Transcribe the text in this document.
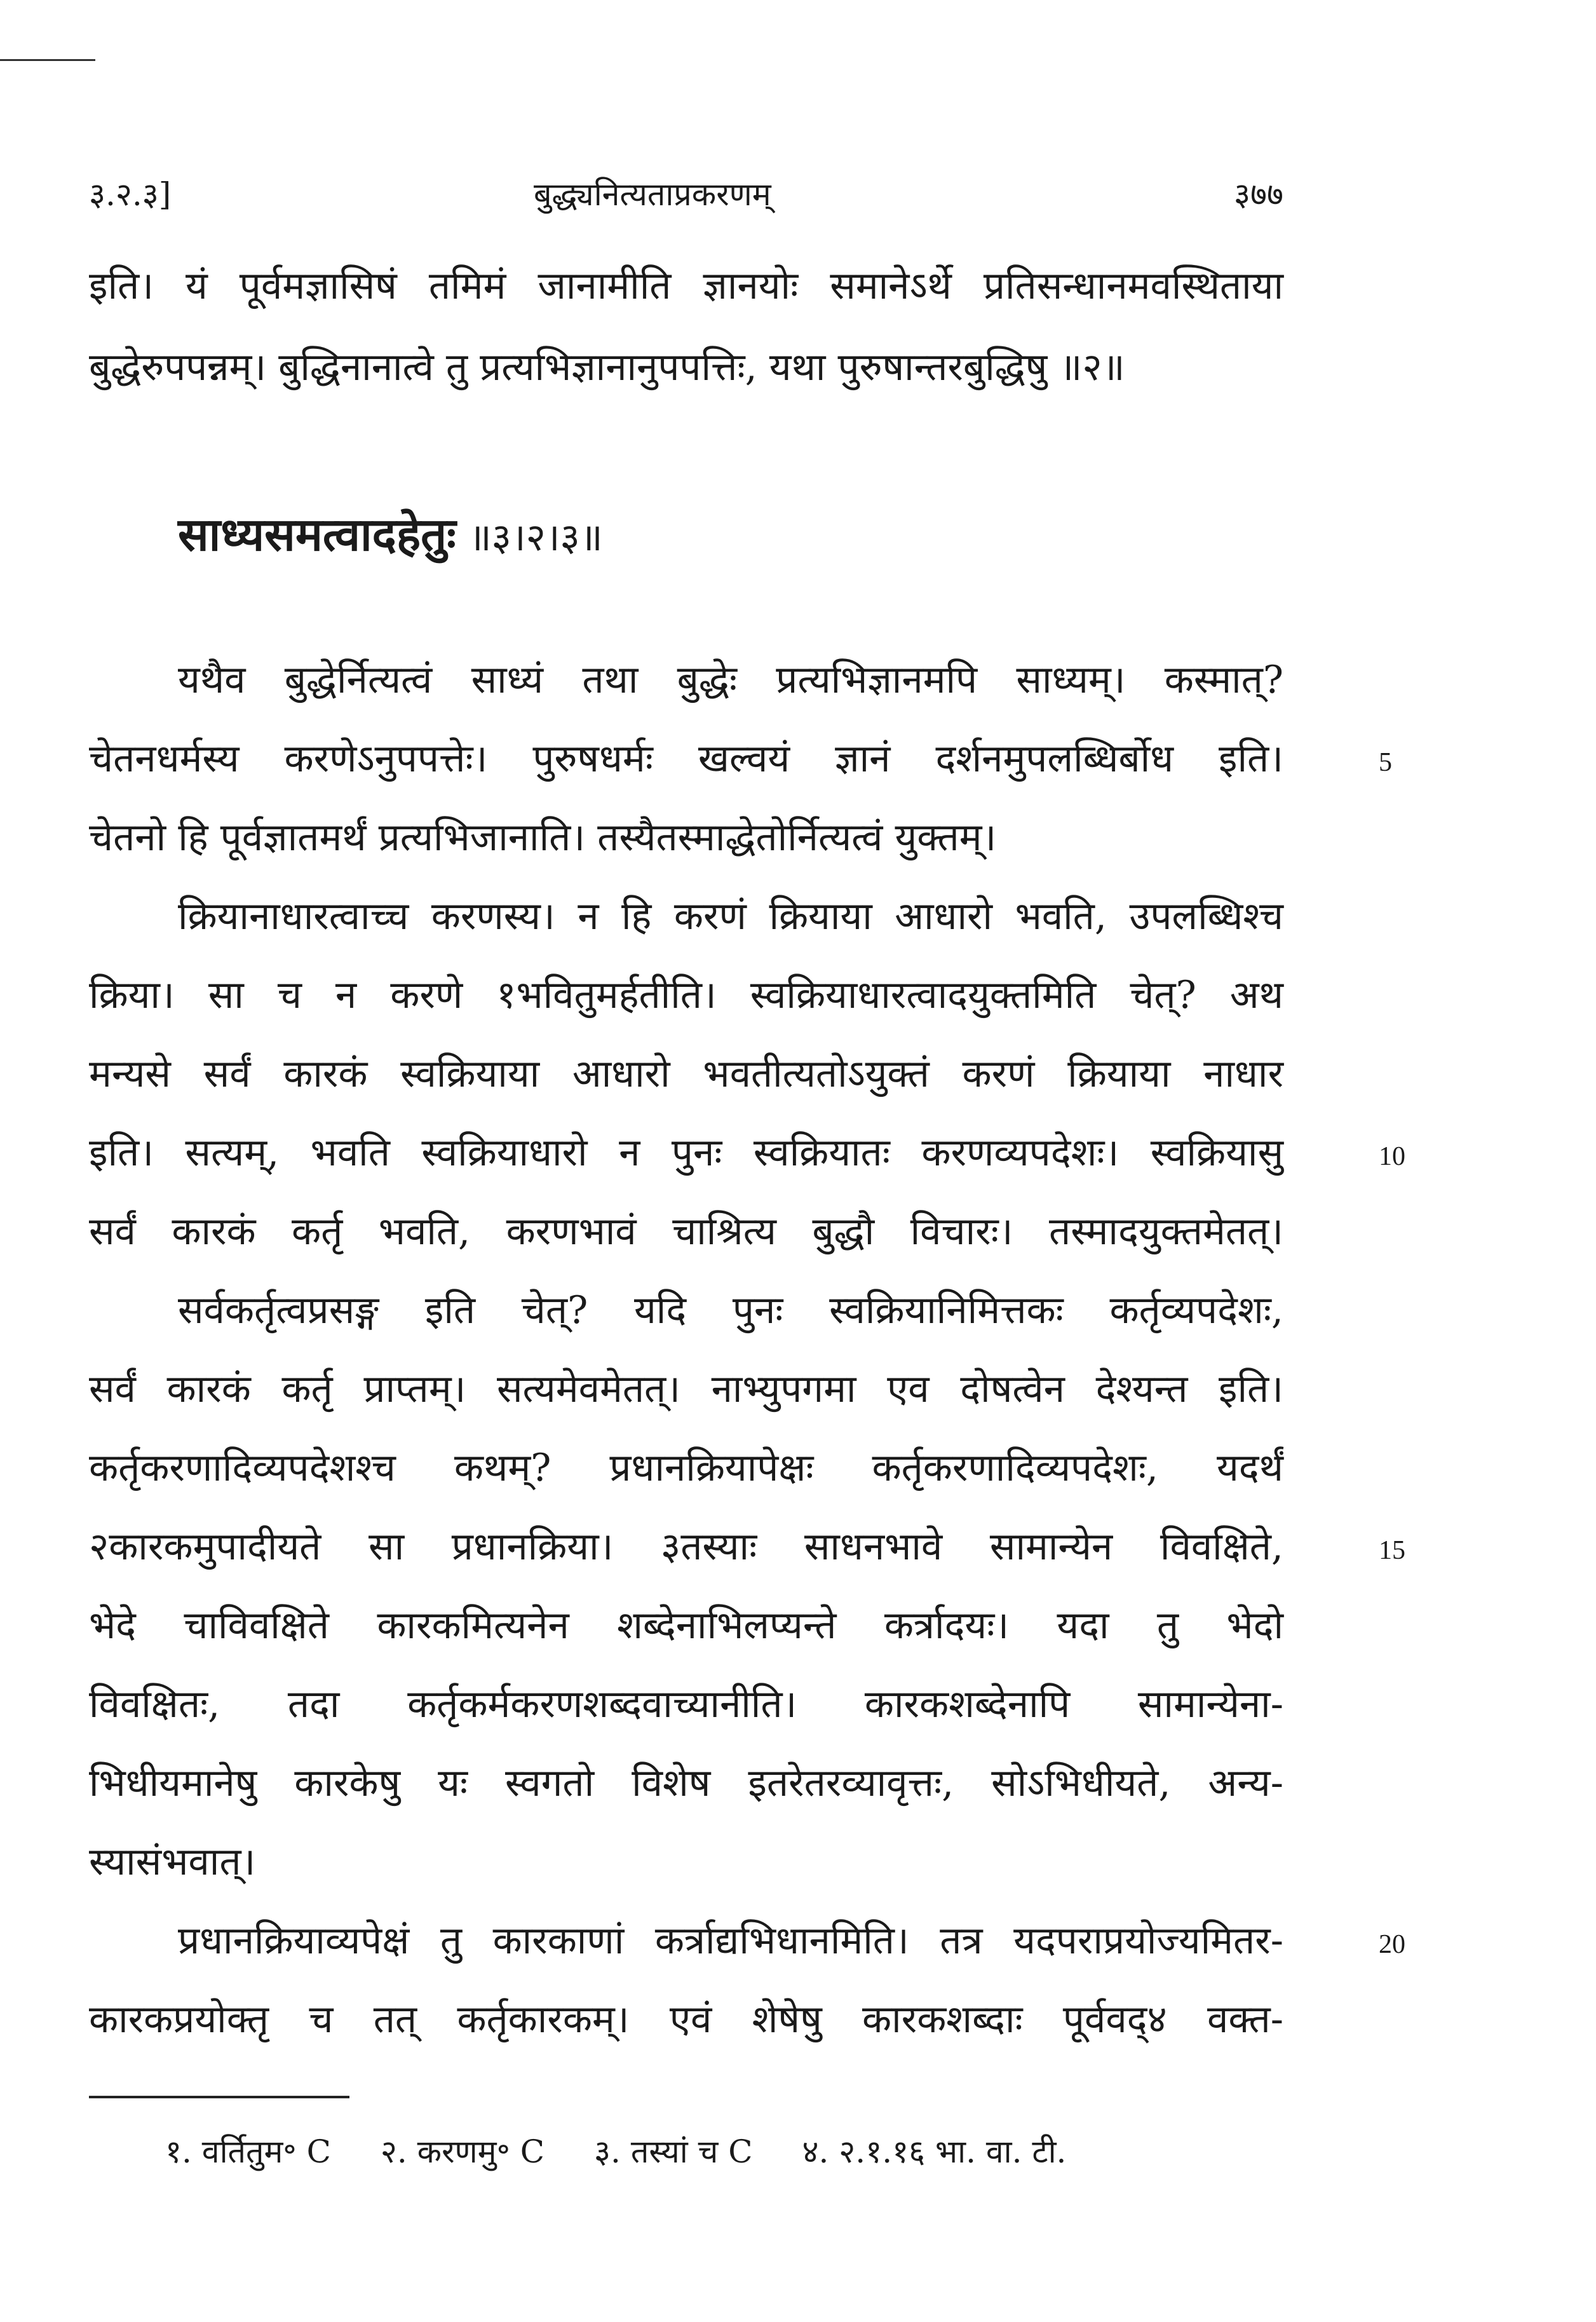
३.२.३]	बुद्ध्यनित्यताप्रकरणम्	३७७
इति। यं पूर्वमज्ञासिषं तमिमं जानामीति ज्ञानयोः समानेऽर्थे प्रतिसन्धानमवस्थिताया
बुद्धेरुपपन्नम्। बुद्धिनानात्वे तु प्रत्यभिज्ञानानुपपत्तिः, यथा पुरुषान्तरबुद्धिषु ॥२॥
साध्यसमत्वादहेतुः ॥३।२।३॥
यथैव बुद्धेर्नित्यत्वं साध्यं तथा बुद्धेः प्रत्यभिज्ञानमपि साध्यम्। कस्मात्?
चेतनधर्मस्य करणेऽनुपपत्तेः। पुरुषधर्मः खल्वयं ज्ञानं दर्शनमुपलब्धिर्बोध इति।
चेतनो हि पूर्वज्ञातमर्थं प्रत्यभिजानाति। तस्यैतस्माद्धेतोर्नित्यत्वं युक्तम्।
क्रियानाधारत्वाच्च करणस्य। न हि करणं क्रियाया आधारो भवति, उपलब्धिश्च
क्रिया। सा च न करणे १भवितुमर्हतीति। स्वक्रियाधारत्वादयुक्तमिति चेत्? अथ
मन्यसे सर्वं कारकं स्वक्रियाया आधारो भवतीत्यतोऽयुक्तं करणं क्रियाया नाधार
इति। सत्यम्, भवति स्वक्रियाधारो न पुनः स्वक्रियातः करणव्यपदेशः। स्वक्रियासु
सर्वं कारकं कर्तृ भवति, करणभावं चाश्रित्य बुद्धौ विचारः। तस्मादयुक्तमेतत्।
सर्वकर्तृत्वप्रसङ्ग इति चेत्? यदि पुनः स्वक्रियानिमित्तकः कर्तृव्यपदेशः,
सर्वं कारकं कर्तृ प्राप्तम्। सत्यमेवमेतत्। नाभ्युपगमा एव दोषत्वेन देश्यन्त इति।
कर्तृकरणादिव्यपदेशश्च कथम्? प्रधानक्रियापेक्षः कर्तृकरणादिव्यपदेशः, यदर्थं
२कारकमुपादीयते सा प्रधानक्रिया। ३तस्याः साधनभावे सामान्येन विवक्षिते,
भेदे चाविवक्षिते कारकमित्यनेन शब्देनाभिलप्यन्ते कर्त्रादयः। यदा तु भेदो
विवक्षितः, तदा कर्तृकर्मकरणशब्दवाच्यानीति। कारकशब्देनापि सामान्येना-
भिधीयमानेषु कारकेषु यः स्वगतो विशेष इतरेतरव्यावृत्तः, सोऽभिधीयते, अन्य-
स्यासंभवात्।
प्रधानक्रियाव्यपेक्षं तु कारकाणां कर्त्राद्यभिधानमिति। तत्र यदपराप्रयोज्यमितर-
कारकप्रयोक्तृ च तत् कर्तृकारकम्। एवं शेषेषु कारकशब्दाः पूर्ववद्४ वक्त-
5
10
15
20
१. वर्तितुम॰ C २. करणमु॰ C ३. तस्यां च C ४. २.१.१६ भा. वा. टी.
